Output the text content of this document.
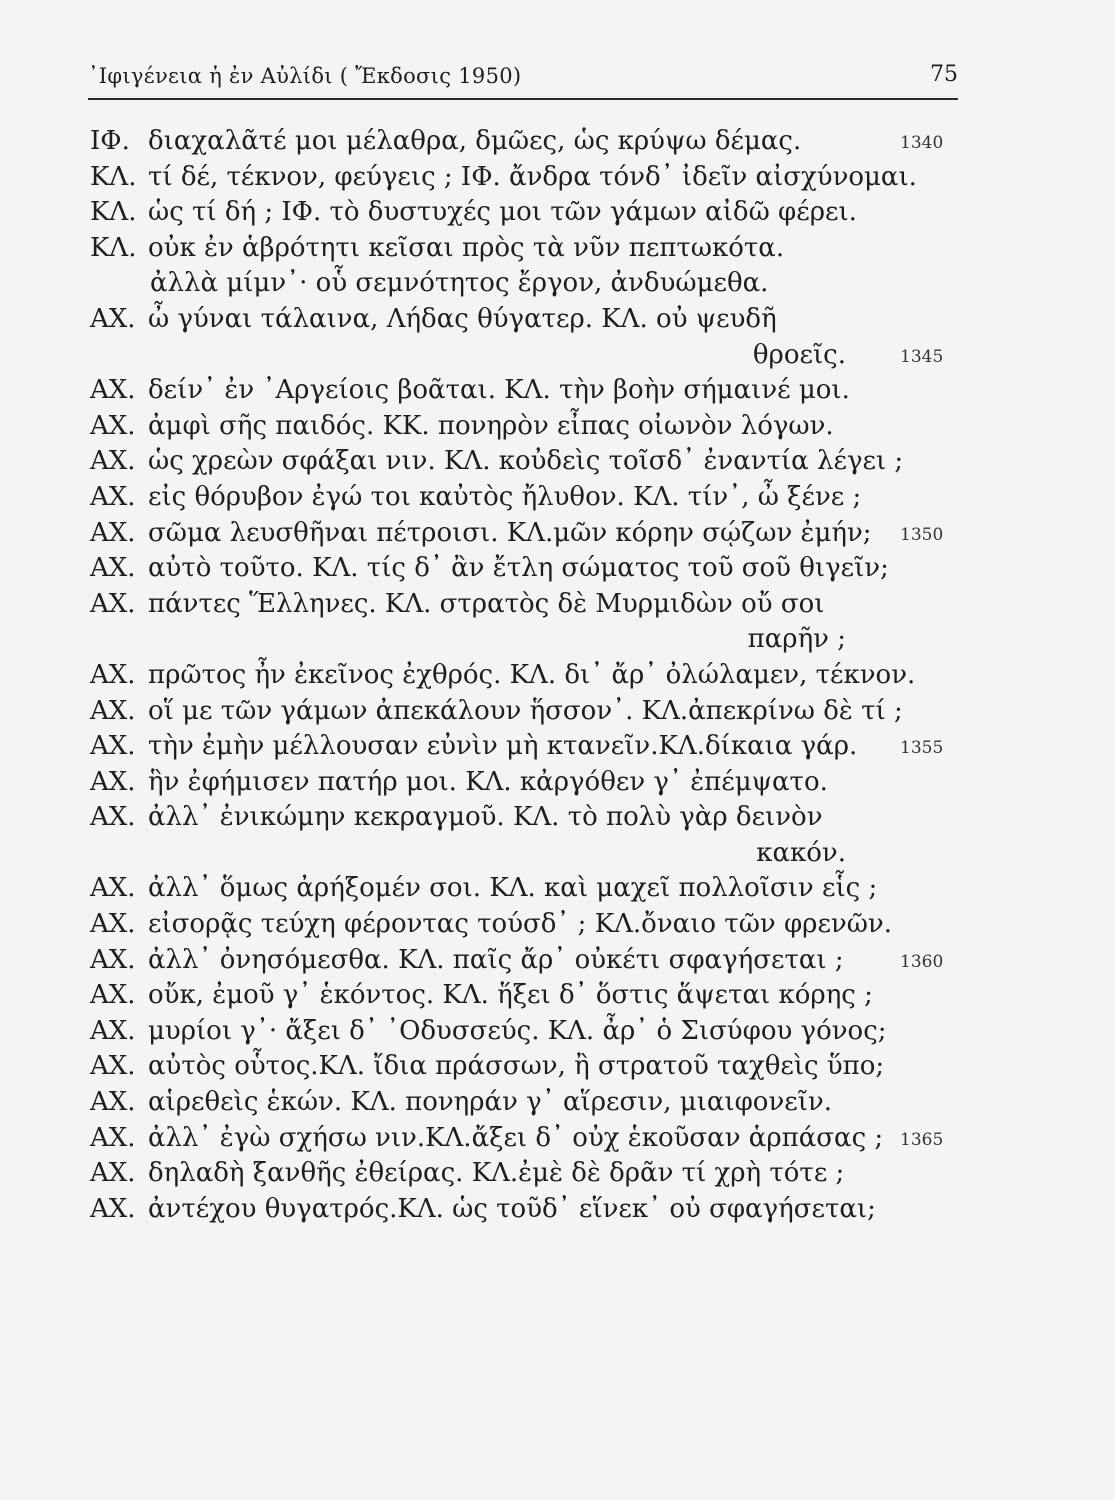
᾿Ιφιγένεια ἡ ἐν Αὐλίδι ( Ἔκδοσις 1950)	75
ΙΦ. διαχαλᾶτέ μοι μέλαθρα, δμῶες, ὡς κρύψω δέμας.	1340
ΚΛ. τί δέ, τέκνον, φεύγεις ; ΙΦ. ἄνδρα τόνδ᾿ ἰδεῖν αἰσχύνομαι.
ΚΛ. ὡς τί δή ; ΙΦ. τὸ δυστυχές μοι τῶν γάμων αἰδῶ φέρει.
ΚΛ. οὐκ ἐν ἁβρότητι κεῖσαι πρὸς τὰ νῦν πεπτωκότα.
ἀλλὰ μίμν᾿· οὗ σεμνότητος ἔργον, ἀνδυώμεθα.
ΑΧ. ὦ γύναι τάλαινα, Λήδας θύγατερ. ΚΛ. οὐ ψευδῆ
θροεῖς.	1345
ΑΧ. δείν᾿ ἐν ᾿Αργείοις βοᾶται. ΚΛ. τὴν βοὴν σήμαινέ μοι.
ΑΧ. ἀμφὶ σῆς παιδός. ΚΚ. πονηρὸν εἶπας οἰωνὸν λόγων.
ΑΧ. ὡς χρεὼν σφάξαι νιν. ΚΛ. κοὐδεὶς τοῖσδ᾿ ἐναντία λέγει ;
ΑΧ. εἰς θόρυβον ἐγώ τοι καὐτὸς ἤλυθον. ΚΛ. τίν᾿, ὦ ξένε ;
ΑΧ. σῶμα λευσθῆναι πέτροισι. ΚΛ.μῶν κόρην σῴζων ἐμήν; 1350
ΑΧ. αὐτὸ τοῦτο. ΚΛ. τίς δ᾿ ἂν ἔτλη σώματος τοῦ σοῦ θιγεῖν;
ΑΧ. πάντες Ἕλληνες. ΚΛ. στρατὸς δὲ Μυρμιδὼν οὔ σοι
παρῆν ;
ΑΧ. πρῶτος ἦν ἐκεῖνος ἐχθρός. ΚΛ. δι᾿ ἄρ᾿ ὀλώλαμεν, τέκνον.
ΑΧ. οἵ με τῶν γάμων ἀπεκάλουν ἥσσον᾿. ΚΛ.ἀπεκρίνω δὲ τί ;
ΑΧ. τὴν ἐμὴν μέλλουσαν εὐνὶν μὴ κτανεῖν.ΚΛ.δίκαια γάρ.	1355
ΑΧ. ἣν ἐφήμισεν πατήρ μοι. ΚΛ. κἀργόθεν γ᾿ ἐπέμψατο.
ΑΧ. ἀλλ᾿ ἐνικώμην κεκραγμοῦ. ΚΛ. τὸ πολὺ γὰρ δεινὸν
κακόν.
ΑΧ. ἀλλ᾿ ὅμως ἀρήξομέν σοι. ΚΛ. καὶ μαχεῖ πολλοῖσιν εἷς ;
ΑΧ. εἰσορᾷς τεύχη φέροντας τούσδ᾿ ; ΚΛ.ὄναιο τῶν φρενῶν.
ΑΧ. ἀλλ᾿ ὀνησόμεσθα. ΚΛ. παῖς ἄρ᾿ οὐκέτι σφαγήσεται ;	1360
ΑΧ. οὔκ, ἐμοῦ γ᾿ ἑκόντος. ΚΛ. ἥξει δ᾿ ὅστις ἅψεται κόρης ;
ΑΧ. μυρίοι γ᾿· ἄξει δ᾿ ᾿Οδυσσεύς. ΚΛ. ἆρ᾿ ὁ Σισύφου γόνος;
ΑΧ. αὐτὸς οὗτος.ΚΛ. ἴδια πράσσων, ἢ στρατοῦ ταχθεὶς ὕπο;
ΑΧ. αἱρεθεὶς ἑκών. ΚΛ. πονηράν γ᾿ αἵρεσιν, μιαιφονεῖν.
ΑΧ. ἀλλ᾿ ἐγὼ σχήσω νιν.ΚΛ.ἄξει δ᾿ οὐχ ἑκοῦσαν ἁρπάσας ; 1365
ΑΧ. δηλαδὴ ξανθῆς ἐθείρας. ΚΛ.ἐμὲ δὲ δρᾶν τί χρὴ τότε ;
ΑΧ. ἀντέχου θυγατρός.ΚΛ. ὡς τοῦδ᾿ εἵνεκ᾿ οὐ σφαγήσεται;
